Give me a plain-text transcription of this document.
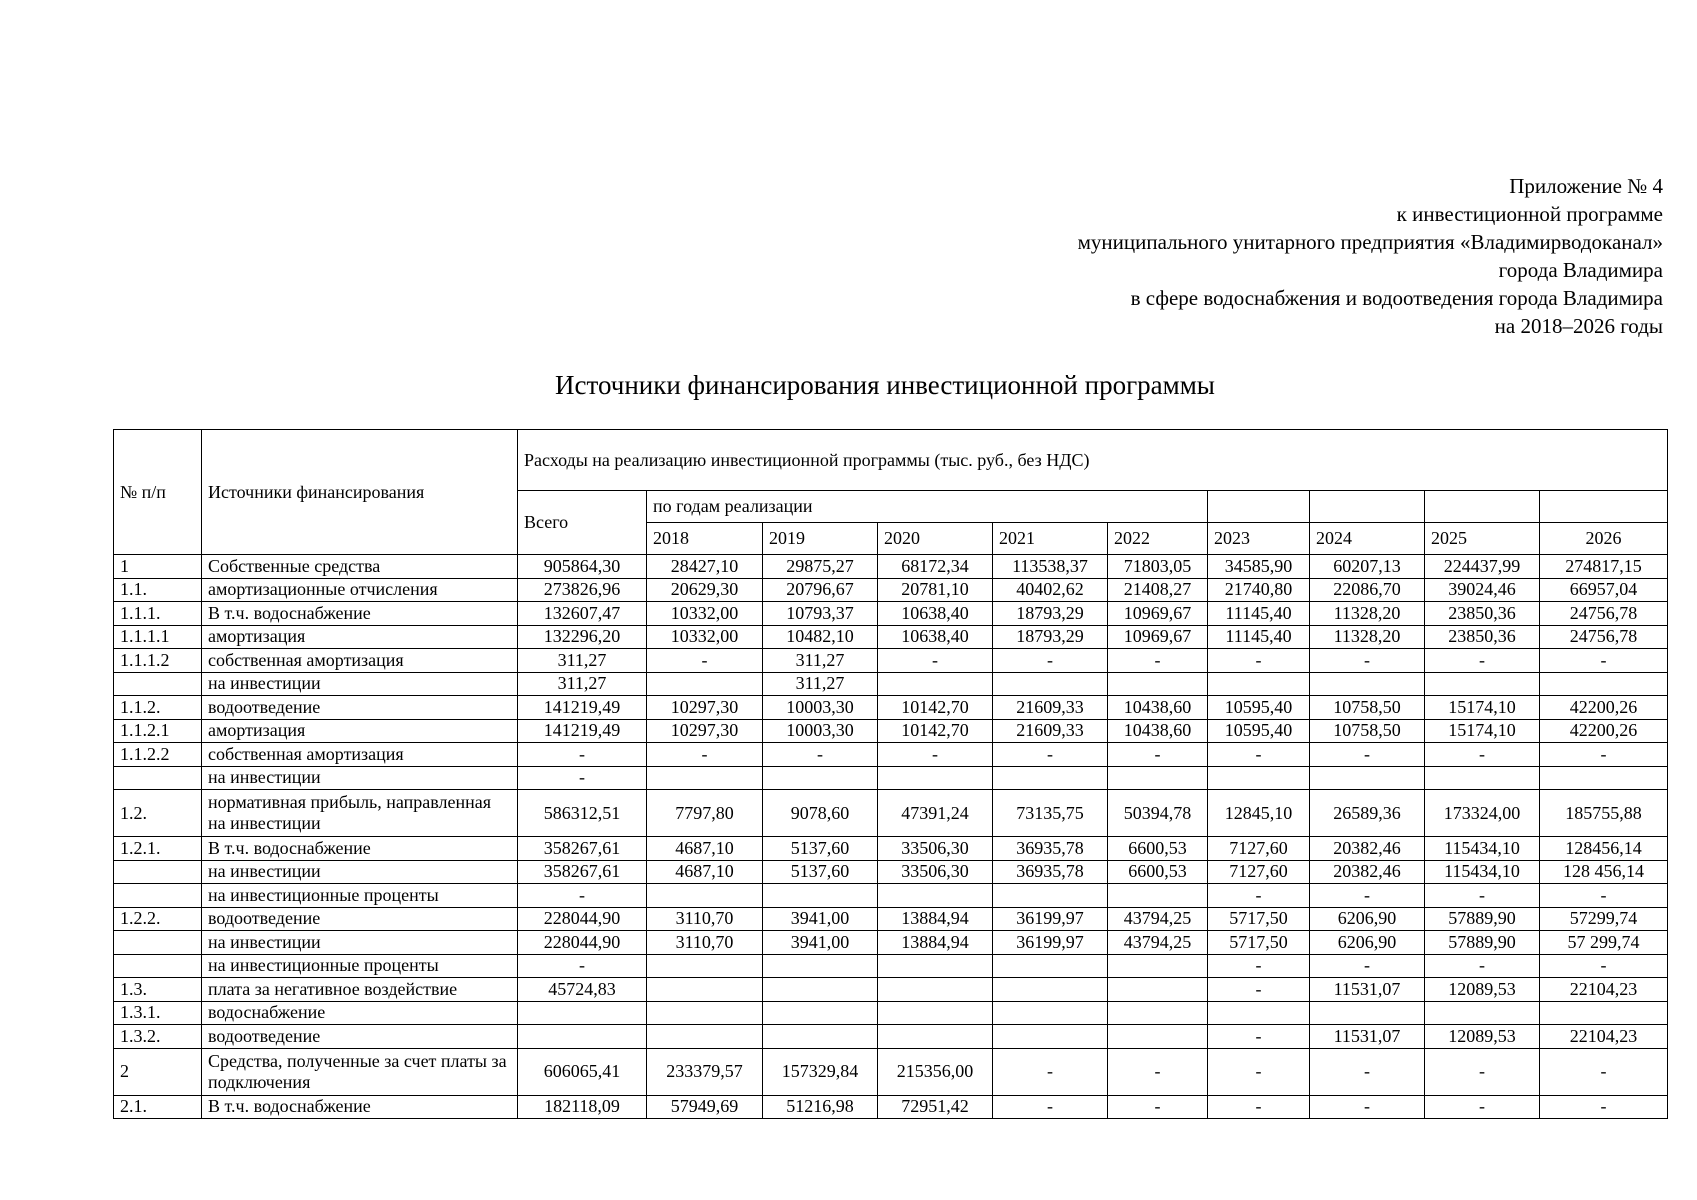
Приложение № 4
к инвестиционной программе
муниципального унитарного предприятия «Владимирводоканал»
города Владимира
в сфере водоснабжения и водоотведения города Владимира
на 2018–2026 годы
Источники финансирования инвестиционной программы
№ п/п	Источники финансирования	Расходы на реализацию инвестиционной программы (тыс. руб., без НДС)									
		Всего	по годам реализации								
			2018	2019	2020	2021	2022	2023	2024	2025	2026
1	Собственные средства	905864,30	28427,10	29875,27	68172,34	113538,37	71803,05	34585,90	60207,13	224437,99	274817,15
1.1.	амортизационные отчисления	273826,96	20629,30	20796,67	20781,10	40402,62	21408,27	21740,80	22086,70	39024,46	66957,04
1.1.1.	В т.ч. водоснабжение	132607,47	10332,00	10793,37	10638,40	18793,29	10969,67	11145,40	11328,20	23850,36	24756,78
1.1.1.1	амортизация	132296,20	10332,00	10482,10	10638,40	18793,29	10969,67	11145,40	11328,20	23850,36	24756,78
1.1.1.2	собственная амортизация	311,27	-	311,27	-	-	-	-	-	-	-
	на инвестиции	311,27		311,27							
1.1.2.	водоотведение	141219,49	10297,30	10003,30	10142,70	21609,33	10438,60	10595,40	10758,50	15174,10	42200,26
1.1.2.1	амортизация	141219,49	10297,30	10003,30	10142,70	21609,33	10438,60	10595,40	10758,50	15174,10	42200,26
1.1.2.2	собственная амортизация	-	-	-	-	-	-	-	-	-	-
	на инвестиции	-									
1.2.	нормативная прибыль, направленная на инвестиции	586312,51	7797,80	9078,60	47391,24	73135,75	50394,78	12845,10	26589,36	173324,00	185755,88
1.2.1.	В т.ч. водоснабжение	358267,61	4687,10	5137,60	33506,30	36935,78	6600,53	7127,60	20382,46	115434,10	128456,14
	на инвестиции	358267,61	4687,10	5137,60	33506,30	36935,78	6600,53	7127,60	20382,46	115434,10	128 456,14
	на инвестиционные проценты	-						-	-	-	-
1.2.2.	водоотведение	228044,90	3110,70	3941,00	13884,94	36199,97	43794,25	5717,50	6206,90	57889,90	57299,74
	на инвестиции	228044,90	3110,70	3941,00	13884,94	36199,97	43794,25	5717,50	6206,90	57889,90	57 299,74
	на инвестиционные проценты	-						-	-	-	-
1.3.	плата за негативное воздействие	45724,83						-	11531,07	12089,53	22104,23
1.3.1.	водоснабжение										
1.3.2.	водоотведение							-	11531,07	12089,53	22104,23
2	Средства, полученные за счет платы за подключения	606065,41	233379,57	157329,84	215356,00	-	-	-	-	-	-
2.1.	В т.ч. водоснабжение	182118,09	57949,69	51216,98	72951,42	-	-	-	-	-	-
